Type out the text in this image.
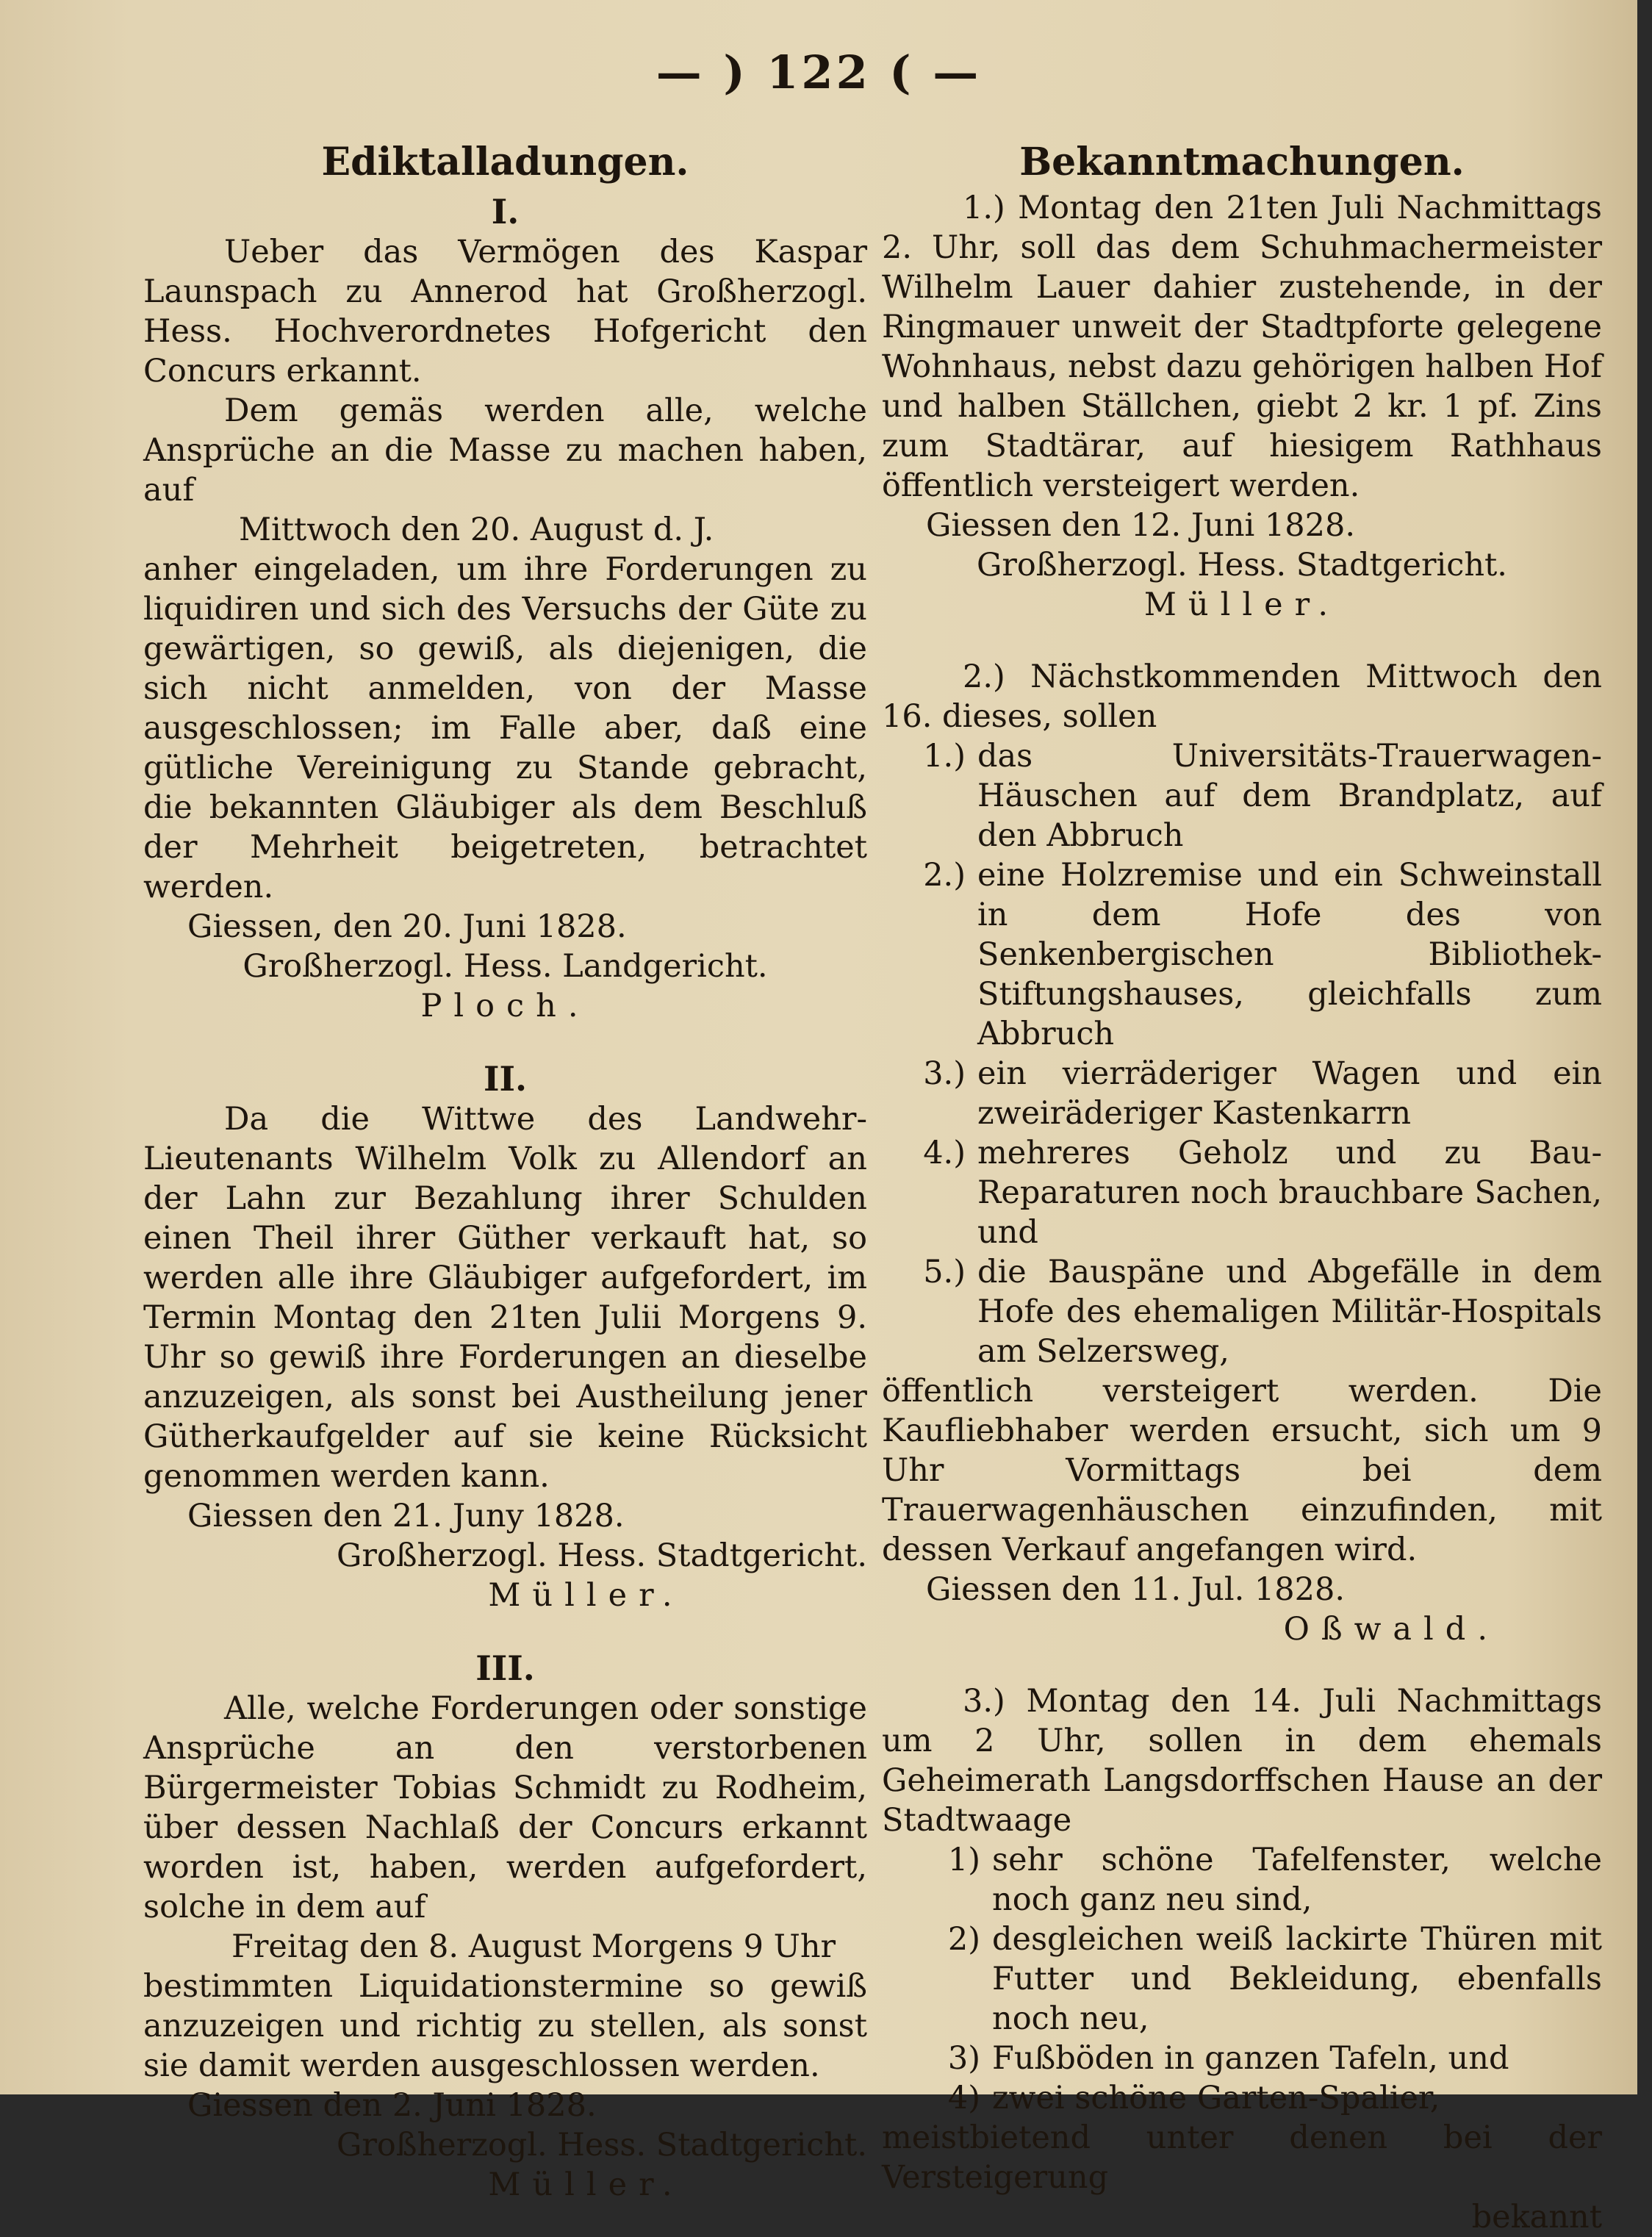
— ) 122 ( —
Ediktalladungen.
I.

Ueber das Vermögen des Kaspar Launspach zu Annerod hat Großherzogl. Hess. Hochverordnetes Hofgericht den Concurs erkannt.

Dem gemäs werden alle, welche Ansprüche an die Masse zu machen haben, auf

Mittwoch den 20. August d. J.

anher eingeladen, um ihre Forderungen zu liquidiren und sich des Versuchs der Güte zu gewärtigen, so gewiß, als diejenigen, die sich nicht anmelden, von der Masse ausgeschlossen; im Falle aber, daß eine gütliche Vereinigung zu Stande gebracht, die bekannten Gläubiger als dem Beschluß der Mehrheit beigetreten, betrachtet werden.

Giessen, den 20. Juni 1828.

Großherzogl. Hess. Landgericht.

Ploch.

II.

Da die Wittwe des Landwehr-Lieutenants Wilhelm Volk zu Allendorf an der Lahn zur Bezahlung ihrer Schulden einen Theil ihrer Güther verkauft hat, so werden alle ihre Gläubiger aufgefordert, im Termin Montag den 21ten Julii Morgens 9. Uhr so gewiß ihre Forderungen an dieselbe anzuzeigen, als sonst bei Austheilung jener Gütherkaufgelder auf sie keine Rücksicht genommen werden kann.

Giessen den 21. Juny 1828.

Großherzogl. Hess. Stadtgericht.

Müller.

III.

Alle, welche Forderungen oder sonstige Ansprüche an den verstorbenen Bürgermeister Tobias Schmidt zu Rodheim, über dessen Nachlaß der Concurs erkannt worden ist, haben, werden aufgefordert, solche in dem auf

Freitag den 8. August Morgens 9 Uhr

bestimmten Liquidationstermine so gewiß anzuzeigen und richtig zu stellen, als sonst sie damit werden ausgeschlossen werden.

Giessen den 2. Juni 1828.

Großherzogl. Hess. Stadtgericht.

Müller.

Bekanntmachungen.

1.) Montag den 21ten Juli Nachmittags 2. Uhr, soll das dem Schuhmachermeister Wilhelm Lauer dahier zustehende, in der Ringmauer unweit der Stadtpforte gelegene Wohnhaus, nebst dazu gehörigen halben Hof und halben Ställchen, giebt 2 kr. 1 pf. Zins zum Stadtärar, auf hiesigem Rathhaus öffentlich versteigert werden.

Giessen den 12. Juni 1828.

Großherzogl. Hess. Stadtgericht.

Müller.

2.) Nächstkommenden Mittwoch den 16. dieses, sollen

1.) das Universitäts-Trauerwagen-Häuschen auf dem Brandplatz, auf den Abbruch
2.) eine Holzremise und ein Schweinstall in dem Hofe des von Senkenbergischen Bibliothek-Stiftungshauses, gleichfalls zum Abbruch
3.) ein vierräderiger Wagen und ein zweiräderiger Kastenkarrn
4.) mehreres Geholz und zu Bau-Reparaturen noch brauchbare Sachen, und
5.) die Bauspäne und Abgefälle in dem Hofe des ehemaligen Militär-Hospitals am Selzersweg,

öffentlich versteigert werden. Die Kaufliebhaber werden ersucht, sich um 9 Uhr Vormittags bei dem Trauerwagenhäuschen einzufinden, mit dessen Verkauf angefangen wird.

Giessen den 11. Jul. 1828.

Oßwald.

3.) Montag den 14. Juli Nachmittags um 2 Uhr, sollen in dem ehemals Geheimerath Langsdorffschen Hause an der Stadtwaage

1) sehr schöne Tafelfenster, welche noch ganz neu sind,
2) desgleichen weiß lackirte Thüren mit Futter und Bekleidung, ebenfalls noch neu,
3) Fußböden in ganzen Tafeln, und
4) zwei schöne Garten-Spalier,

meistbietend unter denen bei der Versteigerung

bekannt
